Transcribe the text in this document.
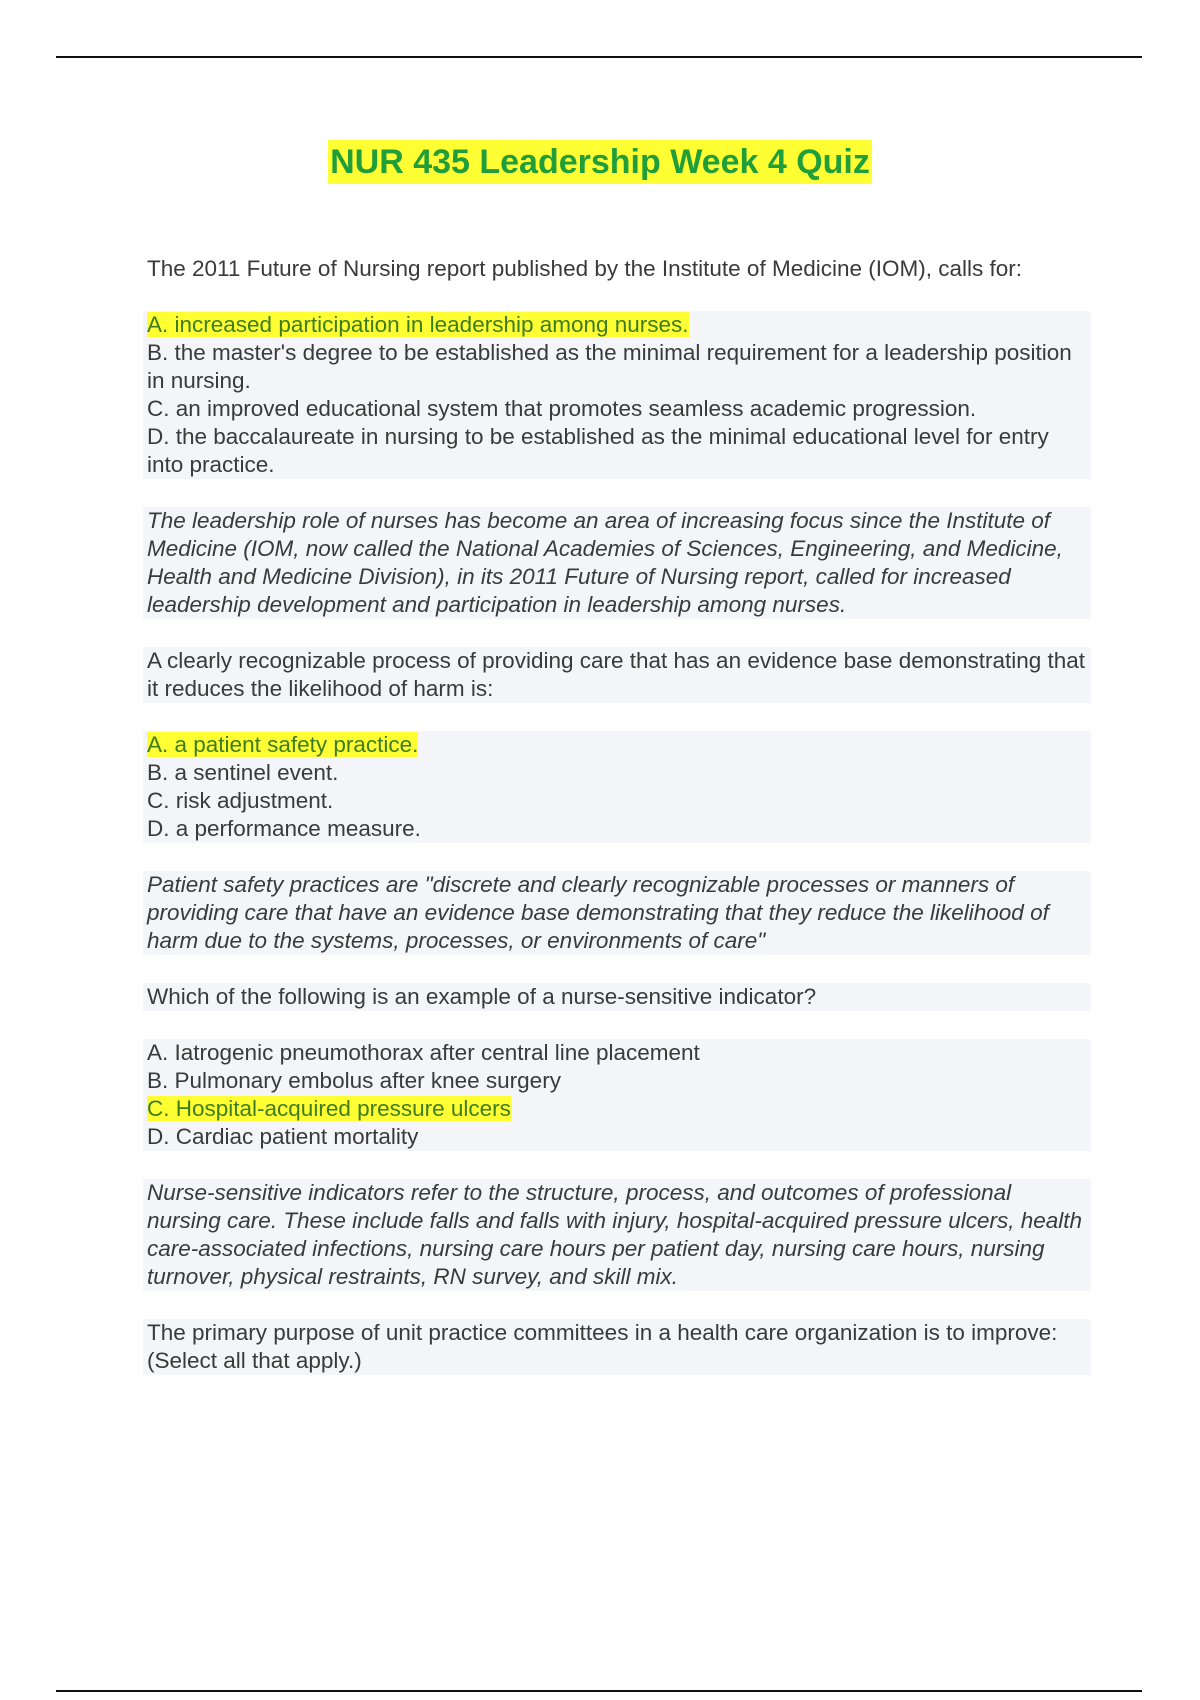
NUR 435 Leadership Week 4 Quiz

The 2011 Future of Nursing report published by the Institute of Medicine (IOM), calls for:

A. increased participation in leadership among nurses.
B. the master's degree to be established as the minimal requirement for a leadership position in nursing.
C. an improved educational system that promotes seamless academic progression.
D. the baccalaureate in nursing to be established as the minimal educational level for entry into practice.

The leadership role of nurses has become an area of increasing focus since the Institute of Medicine (IOM, now called the National Academies of Sciences, Engineering, and Medicine, Health and Medicine Division), in its 2011 Future of Nursing report, called for increased leadership development and participation in leadership among nurses.

A clearly recognizable process of providing care that has an evidence base demonstrating that it reduces the likelihood of harm is:

A. a patient safety practice.
B. a sentinel event.
C. risk adjustment.
D. a performance measure.

Patient safety practices are "discrete and clearly recognizable processes or manners of providing care that have an evidence base demonstrating that they reduce the likelihood of harm due to the systems, processes, or environments of care"

Which of the following is an example of a nurse-sensitive indicator?

A. Iatrogenic pneumothorax after central line placement
B. Pulmonary embolus after knee surgery
C. Hospital-acquired pressure ulcers
D. Cardiac patient mortality

Nurse-sensitive indicators refer to the structure, process, and outcomes of professional nursing care. These include falls and falls with injury, hospital-acquired pressure ulcers, health care-associated infections, nursing care hours per patient day, nursing care hours, nursing turnover, physical restraints, RN survey, and skill mix.

The primary purpose of unit practice committees in a health care organization is to improve: (Select all that apply.)
